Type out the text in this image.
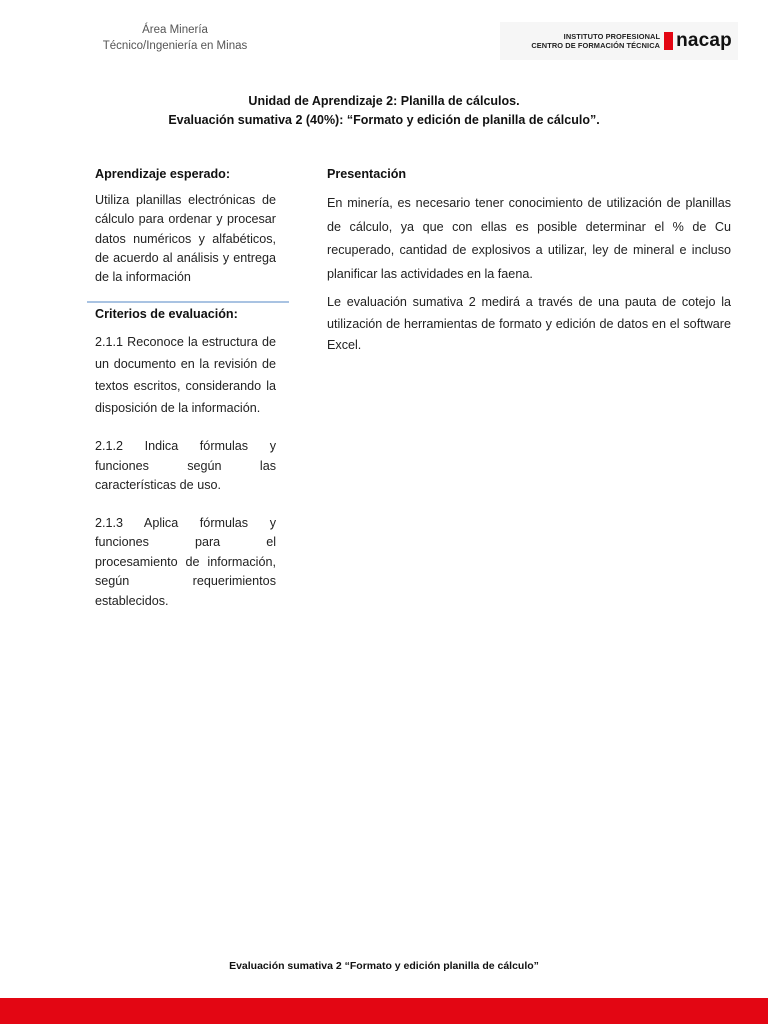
Área Minería
Técnico/Ingeniería en Minas
INSTITUTO PROFESIONAL
CENTRO DE FORMACIÓN TÉCNICA nacap
Unidad de Aprendizaje 2: Planilla de cálculos.
Evaluación sumativa 2 (40%): “Formato y edición de planilla de cálculo”.

Aprendizaje esperado:

Utiliza planillas electrónicas de cálculo para ordenar y procesar datos numéricos y alfabéticos, de acuerdo al análisis y entrega de la información

Criterios de evaluación:

2.1.1 Reconoce la estructura de un documento en la revisión de textos escritos, considerando la disposición de la información.

2.1.2 Indica fórmulas y funciones según las características de uso.

2.1.3 Aplica fórmulas y funciones para el procesamiento de información, según requerimientos establecidos.

Presentación

En minería, es necesario tener conocimiento de utilización de planillas de cálculo, ya que con ellas es posible determinar el % de Cu recuperado, cantidad de explosivos a utilizar, ley de mineral e incluso planificar las actividades en la faena.

Le evaluación sumativa 2 medirá a través de una pauta de cotejo la utilización de herramientas de formato y edición de datos en el software Excel.

Evaluación sumativa 2 “Formato y edición planilla de cálculo”
